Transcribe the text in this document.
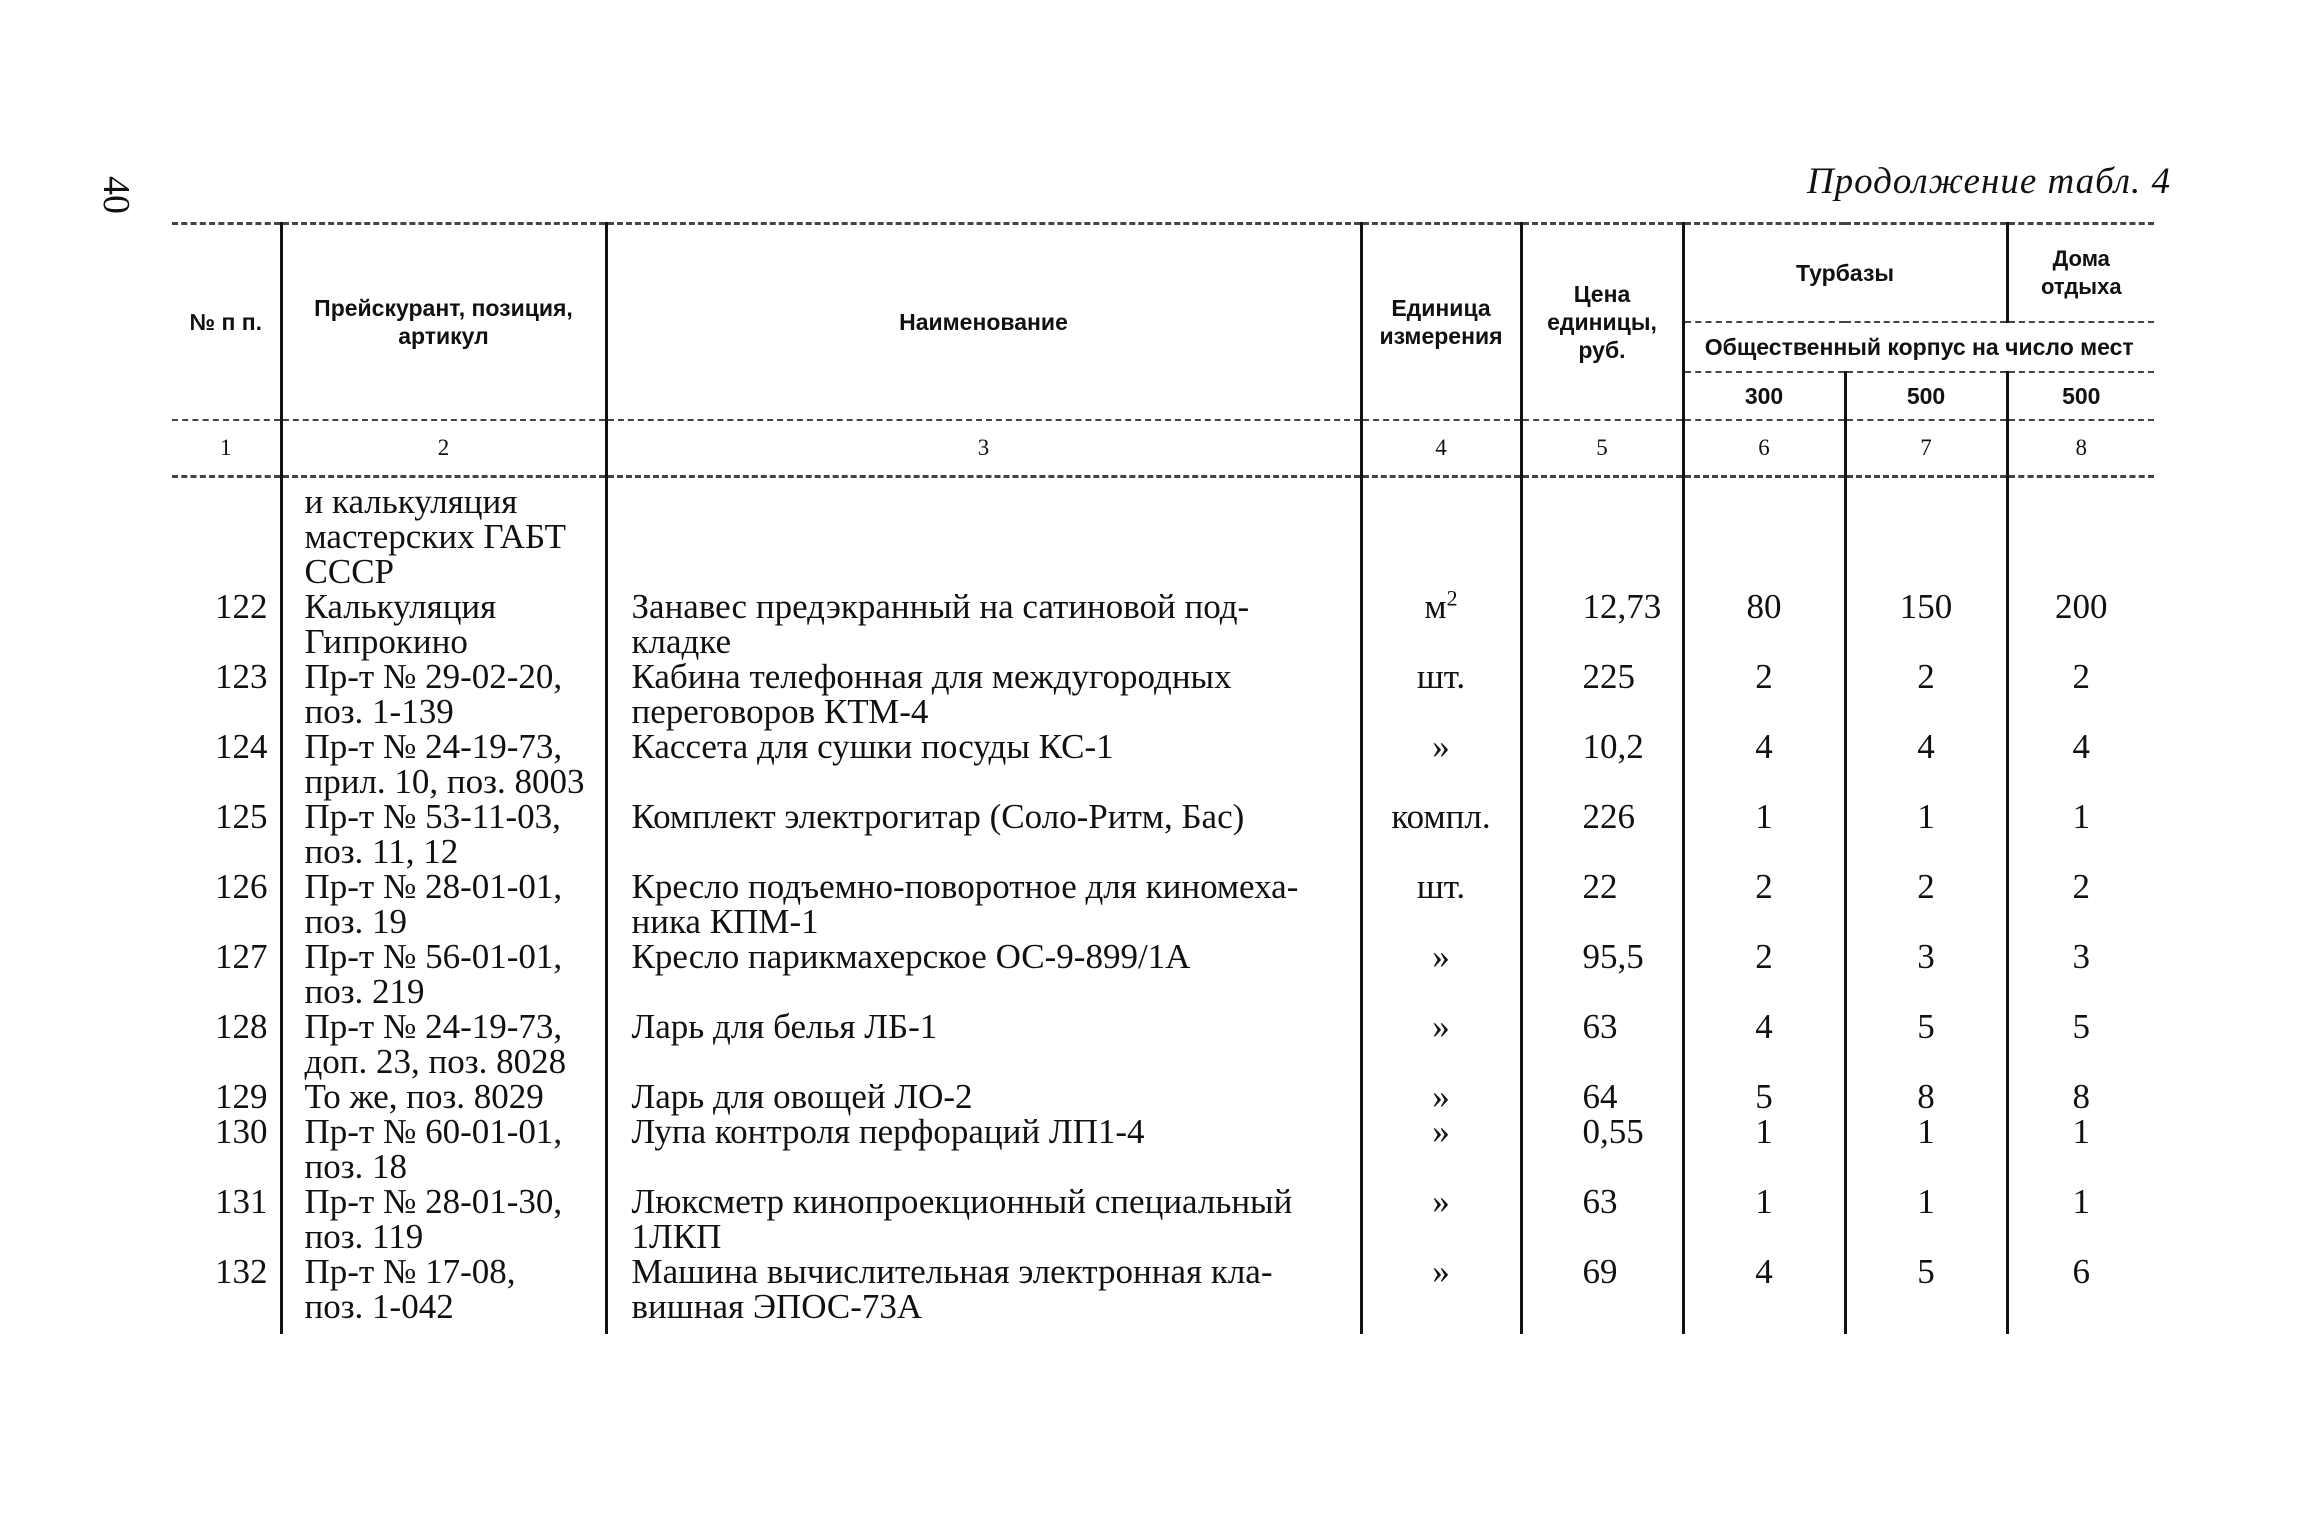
40	Продолжение табл. 4
№ п п.	Прейскурант, позиция, артикул	Наименование	Единица измерения	Цена единицы, руб.	Турбазы		Дома отдыха
					Общественный корпус на число мест		
					300	500	500
1	2	3	4	5	6	7	8

	и калькуляция
мастерских ГАБТ
СССР						

122	Калькуляция
Гипрокино	Занавес предэкранный на сатиновой под-
кладке	$м^2$	12,73	80	150	200
123	Пр-т № 29-02-20,
поз. 1-139	Кабина телефонная для междугородных
переговоров КТМ-4	шт.	225	2	2	2
124	Пр-т № 24-19-73,
прил. 10, поз. 8003	Кассета для сушки посуды КС-1	»	10,2	4	4	4
125	Пр-т № 53-11-03,
поз. 11, 12	Комплект электрогитар (Соло-Ритм, Бас)	компл.	226	1	1	1
126	Пр-т № 28-01-01,
поз. 19	Кресло подъемно-поворотное для киномеха-
ника КПМ-1	шт.	22	2	2	2
127	Пр-т № 56-01-01,
поз. 219	Кресло парикмахерское ОС-9-899/1А	»	95,5	2	3	3
128	Пр-т № 24-19-73,
доп. 23, поз. 8028	Ларь для белья ЛБ-1	»	63	4	5	5
129	То же, поз. 8029	Ларь для овощей ЛО-2	»	64	5	8	8
130	Пр-т № 60-01-01,
поз. 18	Лупа контроля перфораций ЛП1-4	»	0,55	1	1	1
131	Пр-т № 28-01-30,
поз. 119	Люксметр кинопроекционный специальный
1ЛКП	»	63	1	1	1
132	Пр-т № 17-08,
поз. 1-042	Машина вычислительная электронная кла-
вишная ЭПОС-73А	»	69	4	5	6
